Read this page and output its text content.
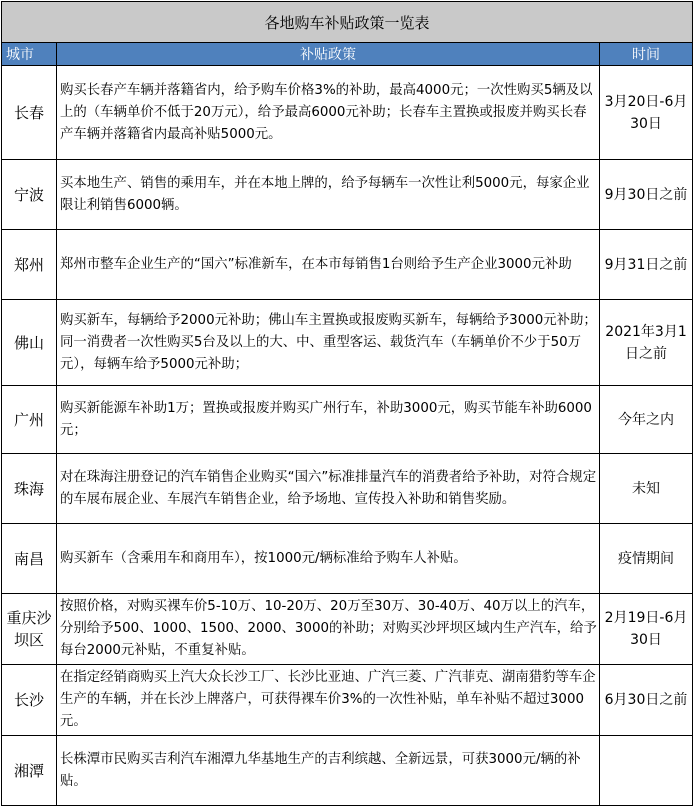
各地购车补贴政策一览表		
城市	补贴政策	时间
长春	购买长春产车辆并落籍省内，给予购车价格3%的补助，最高4000元；一次性购买5辆及以上的（车辆单价不低于20万元），给予最高6000元补助；长春车主置换或报废并购买长春产车辆并落籍省内最高补贴5000元。	3月20日-6月30日
宁波	买本地生产、销售的乘用车，并在本地上牌的，给予每辆车一次性让利5000元，每家企业限让利销售6000辆。	9月30日之前
郑州	郑州市整车企业生产的“国六”标准新车，在本市每销售1台则给予生产企业3000元补助	9月31日之前
佛山	购买新车，每辆给予2000元补助；佛山车主置换或报废购买新车，每辆给予3000元补助；同一消费者一次性购买5台及以上的大、中、重型客运、载货汽车（车辆单价不少于50万元），每辆车给予5000元补助；	2021年3月1日之前
广州	购买新能源车补助1万；置换或报废并购买广州行车，补助3000元，购买节能车补助6000元；	今年之内
珠海	对在珠海注册登记的汽车销售企业购买“国六”标准排量汽车的消费者给予补助，对符合规定的车展布展企业、车展汽车销售企业，给予场地、宣传投入补助和销售奖励。	未知
南昌	购买新车（含乘用车和商用车），按1000元/辆标准给予购车人补贴。	疫情期间
重庆沙坝区	按照价格，对购买裸车价5-10万、10-20万、20万至30万、30-40万、40万以上的汽车，分别给予500、1000、1500、2000、3000的补助；对购买沙坪坝区域内生产汽车，给予每台2000元补贴，不重复补贴。	2月19日-6月30日
长沙	在指定经销商购买上汽大众长沙工厂、长沙比亚迪、广汽三菱、广汽菲克、湖南猎豹等车企生产的车辆，并在长沙上牌落户，可获得裸车价3%的一次性补贴，单车补贴不超过3000元。	6月30日之前
湘潭	长株潭市民购买吉利汽车湘潭九华基地生产的吉利缤越、全新远景，可获3000元/辆的补贴。	
